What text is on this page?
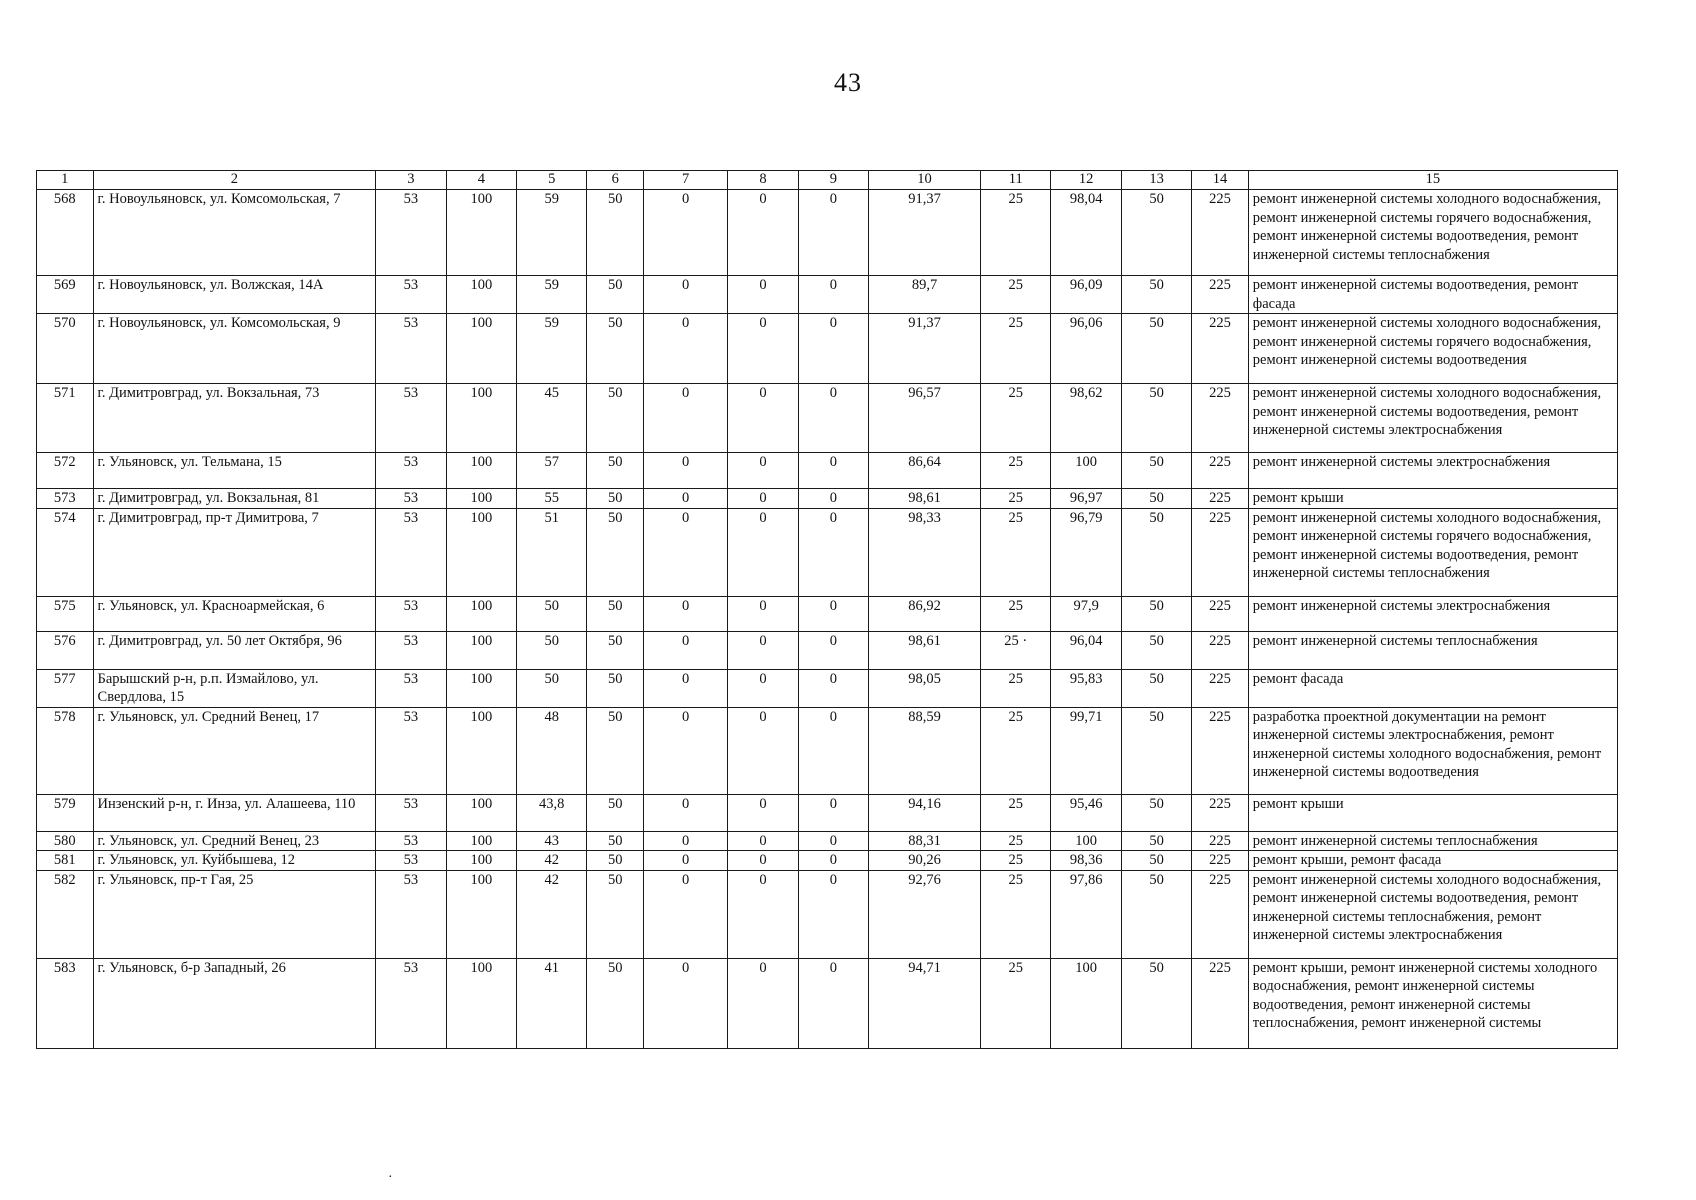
43
1	2	3	4	5	6	7	8	9	10	11	12	13	14	15
568	г. Новоульяновск, ул. Комсомольская, 7	53	100	59	50	0	0	0	91,37	25	98,04	50	225	ремонт инженерной системы холодного водоснабжения, ремонт инженерной системы горячего водоснабжения, ремонт инженерной системы водоотведения, ремонт инженерной системы теплоснабжения
569	г. Новоульяновск, ул. Волжская, 14А	53	100	59	50	0	0	0	89,7	25	96,09	50	225	ремонт инженерной системы водоотведения, ремонт фасада
570	г. Новоульяновск, ул. Комсомольская, 9	53	100	59	50	0	0	0	91,37	25	96,06	50	225	ремонт инженерной системы холодного водоснабжения, ремонт инженерной системы горячего водоснабжения, ремонт инженерной системы водоотведения
571	г. Димитровград, ул. Вокзальная, 73	53	100	45	50	0	0	0	96,57	25	98,62	50	225	ремонт инженерной системы холодного водоснабжения, ремонт инженерной системы водоотведения, ремонт инженерной системы электроснабжения
572	г. Ульяновск, ул. Тельмана, 15	53	100	57	50	0	0	0	86,64	25	100	50	225	ремонт инженерной системы электроснабжения
573	г. Димитровград, ул. Вокзальная, 81	53	100	55	50	0	0	0	98,61	25	96,97	50	225	ремонт крыши
574	г. Димитровград, пр-т Димитрова, 7	53	100	51	50	0	0	0	98,33	25	96,79	50	225	ремонт инженерной системы холодного водоснабжения, ремонт инженерной системы горячего водоснабжения, ремонт инженерной системы водоотведения, ремонт инженерной системы теплоснабжения
575	г. Ульяновск, ул. Красноармейская, 6	53	100	50	50	0	0	0	86,92	25	97,9	50	225	ремонт инженерной системы электроснабжения
576	г. Димитровград, ул. 50 лет Октября, 96	53	100	50	50	0	0	0	98,61	25 ·	96,04	50	225	ремонт инженерной системы теплоснабжения
577	Барышский р-н, р.п. Измайлово, ул. Свердлова, 15	53	100	50	50	0	0	0	98,05	25	95,83	50	225	ремонт фасада
578	г. Ульяновск, ул. Средний Венец, 17	53	100	48	50	0	0	0	88,59	25	99,71	50	225	разработка проектной документации на ремонт инженерной системы электроснабжения, ремонт инженерной системы холодного водоснабжения, ремонт инженерной системы водоотведения
579	Инзенский р-н, г. Инза, ул. Алашеева, 110	53	100	43,8	50	0	0	0	94,16	25	95,46	50	225	ремонт крыши
580	г. Ульяновск, ул. Средний Венец, 23	53	100	43	50	0	0	0	88,31	25	100	50	225	ремонт инженерной системы теплоснабжения
581	г. Ульяновск, ул. Куйбышева, 12	53	100	42	50	0	0	0	90,26	25	98,36	50	225	ремонт крыши, ремонт фасада
582	г. Ульяновск, пр-т Гая, 25	53	100	42	50	0	0	0	92,76	25	97,86	50	225	ремонт инженерной системы холодного водоснабжения, ремонт инженерной системы водоотведения, ремонт инженерной системы теплоснабжения, ремонт инженерной системы электроснабжения
583	г. Ульяновск, б-р Западный, 26	53	100	41	50	0	0	0	94,71	25	100	50	225	ремонт крыши, ремонт инженерной системы холодного водоснабжения, ремонт инженерной системы водоотведения, ремонт инженерной системы теплоснабжения, ремонт инженерной системы
·
